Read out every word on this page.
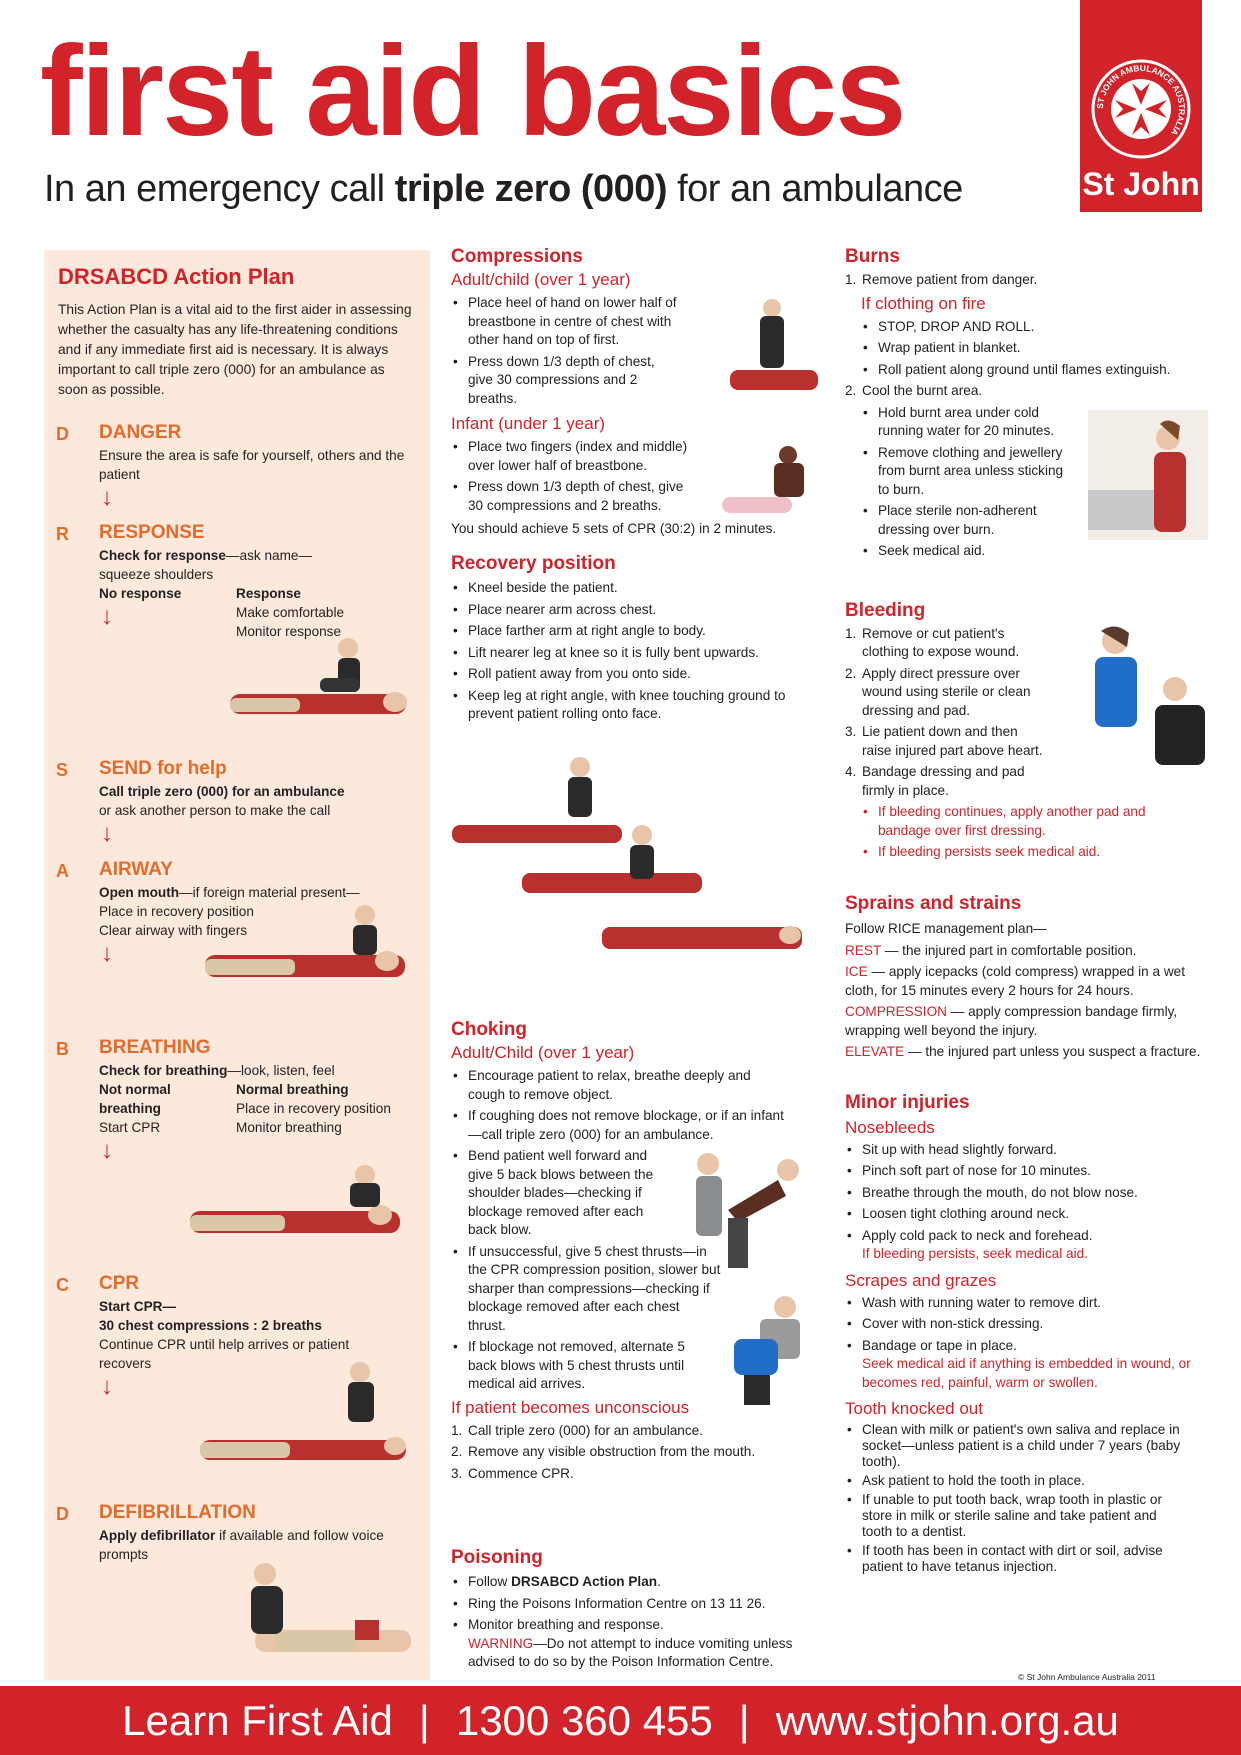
first aid basics
In an emergency call triple zero (000) for an ambulance
ST JOHN AMBULANCE AUSTRALIA
St John
DRSABCD Action Plan
This Action Plan is a vital aid to the first aider in assessing whether the casualty has any life-threatening conditions and if any immediate first aid is necessary. It is always important to call triple zero (000) for an ambulance as soon as possible.
D DANGER
Ensure the area is safe for yourself, others and the patient
↓
R RESPONSE
Check for response—ask name—squeeze shoulders
No response
↓
Response
Make comfortable
Monitor response
S SEND for help
Call triple zero (000) for an ambulance
or ask another person to make the call
↓
A AIRWAY
Open mouth—if foreign material present—
Place in recovery position
Clear airway with fingers
↓
B BREATHING
Check for breathing—look, listen, feel
Not normal breathing
Start CPR
↓
Normal breathing
Place in recovery position
Monitor breathing
C CPR
Start CPR—
30 chest compressions : 2 breaths
Continue CPR until help arrives or patient recovers
↓
D DEFIBRILLATION
Apply defibrillator if available and follow voice prompts
Compressions
Adult/child (over 1 year)
• Place heel of hand on lower half of breastbone in centre of chest with other hand on top of first.
• Press down 1/3 depth of chest, give 30 compressions and 2 breaths.
Infant (under 1 year)
• Place two fingers (index and middle) over lower half of breastbone.
• Press down 1/3 depth of chest, give 30 compressions and 2 breaths.
You should achieve 5 sets of CPR (30:2) in 2 minutes.
Recovery position
• Kneel beside the patient.
• Place nearer arm across chest.
• Place farther arm at right angle to body.
• Lift nearer leg at knee so it is fully bent upwards.
• Roll patient away from you onto side.
• Keep leg at right angle, with knee touching ground to prevent patient rolling onto face.
Choking
Adult/Child (over 1 year)
• Encourage patient to relax, breathe deeply and cough to remove object.
• If coughing does not remove blockage, or if an infant—call triple zero (000) for an ambulance.
• Bend patient well forward and give 5 back blows between the shoulder blades—checking if blockage removed after each back blow.
• If unsuccessful, give 5 chest thrusts—in the CPR compression position, slower but sharper than compressions—checking if blockage removed after each chest thrust.
• If blockage not removed, alternate 5 back blows with 5 chest thrusts until medical aid arrives.
If patient becomes unconscious
1. Call triple zero (000) for an ambulance.
2. Remove any visible obstruction from the mouth.
3. Commence CPR.
Poisoning
• Follow DRSABCD Action Plan.
• Ring the Poisons Information Centre on 13 11 26.
• Monitor breathing and response.
WARNING—Do not attempt to induce vomiting unless advised to do so by the Poison Information Centre.
Burns
1. Remove patient from danger.
If clothing on fire
• STOP, DROP AND ROLL.
• Wrap patient in blanket.
• Roll patient along ground until flames extinguish.
2. Cool the burnt area.
• Hold burnt area under cold running water for 20 minutes.
• Remove clothing and jewellery from burnt area unless sticking to burn.
• Place sterile non-adherent dressing over burn.
• Seek medical aid.
Bleeding
1. Remove or cut patient's clothing to expose wound.
2. Apply direct pressure over wound using sterile or clean dressing and pad.
3. Lie patient down and then raise injured part above heart.
4. Bandage dressing and pad firmly in place.
• If bleeding continues, apply another pad and bandage over first dressing.
• If bleeding persists seek medical aid.
Sprains and strains
Follow RICE management plan—
REST — the injured part in comfortable position.
ICE — apply icepacks (cold compress) wrapped in a wet cloth, for 15 minutes every 2 hours for 24 hours.
COMPRESSION — apply compression bandage firmly, wrapping well beyond the injury.
ELEVATE — the injured part unless you suspect a fracture.
Minor injuries
Nosebleeds
• Sit up with head slightly forward.
• Pinch soft part of nose for 10 minutes.
• Breathe through the mouth, do not blow nose.
• Loosen tight clothing around neck.
• Apply cold pack to neck and forehead.
If bleeding persists, seek medical aid.
Scrapes and grazes
• Wash with running water to remove dirt.
• Cover with non-stick dressing.
• Bandage or tape in place.
Seek medical aid if anything is embedded in wound, or becomes red, painful, warm or swollen.
Tooth knocked out
• Clean with milk or patient's own saliva and replace in socket—unless patient is a child under 7 years (baby tooth).
• Ask patient to hold the tooth in place.
• If unable to put tooth back, wrap tooth in plastic or store in milk or sterile saline and take patient and tooth to a dentist.
• If tooth has been in contact with dirt or soil, advise patient to have tetanus injection.
© St John Ambulance Australia 2011
Learn First Aid | 1300 360 455 | www.stjohn.org.au
